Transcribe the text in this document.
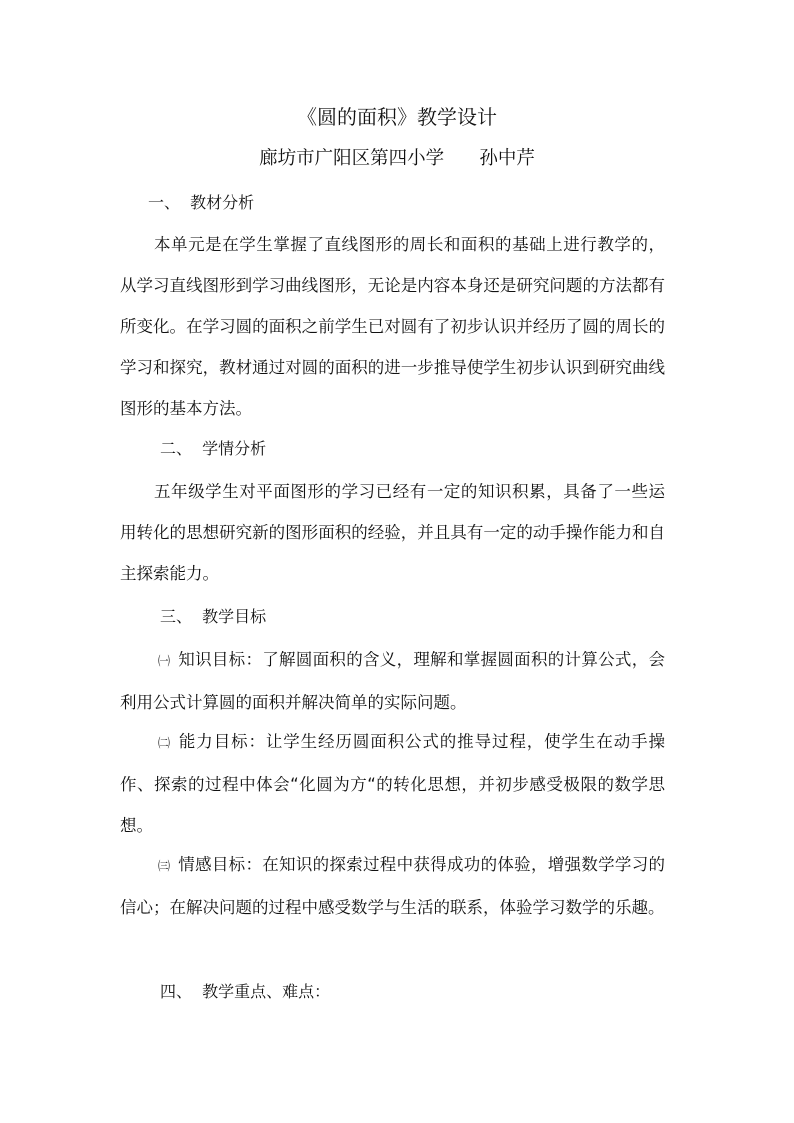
《圆的面积》教学设计
廊坊市广阳区第四小学      孙中芹
一、  教材分析

本单元是在学生掌握了直线图形的周长和面积的基础上进行教学的，从学习直线图形到学习曲线图形，无论是内容本身还是研究问题的方法都有所变化。在学习圆的面积之前学生已对圆有了初步认识并经历了圆的周长的学习和探究，教材通过对圆的面积的进一步推导使学生初步认识到研究曲线图形的基本方法。

二、  学情分析

五年级学生对平面图形的学习已经有一定的知识积累，具备了一些运用转化的思想研究新的图形面积的经验，并且具有一定的动手操作能力和自主探索能力。

三、  教学目标

㈠ 知识目标：了解圆面积的含义，理解和掌握圆面积的计算公式，会利用公式计算圆的面积并解决简单的实际问题。

㈡ 能力目标：让学生经历圆面积公式的推导过程，使学生在动手操作、探索的过程中体会“化圆为方“的转化思想，并初步感受极限的数学思想。

㈢ 情感目标：在知识的探索过程中获得成功的体验，增强数学学习的信心；在解决问题的过程中感受数学与生活的联系，体验学习数学的乐趣。

四、  教学重点、难点：
